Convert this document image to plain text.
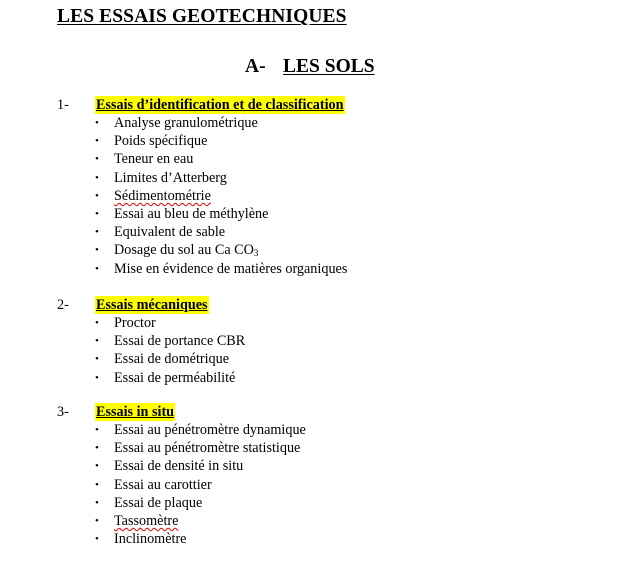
LES ESSAIS GEOTECHNIQUES
A- LES SOLS
1- Essais d’identification et de classification
• Analyse granulométrique
• Poids spécifique
• Teneur en eau
• Limites d’Atterberg
• Sédimentométrie
• Essai au bleu de méthylène
• Equivalent de sable
• Dosage du sol au Ca $CO_3$
• Mise en évidence de matières organiques
2- Essais mécaniques
• Proctor
• Essai de portance CBR
• Essai de dométrique
• Essai de perméabilité
3- Essais in situ
• Essai au pénétromètre dynamique
• Essai au pénétromètre statistique
• Essai de densité in situ
• Essai au carottier
• Essai de plaque
• Tassomètre
• Inclinomètre
